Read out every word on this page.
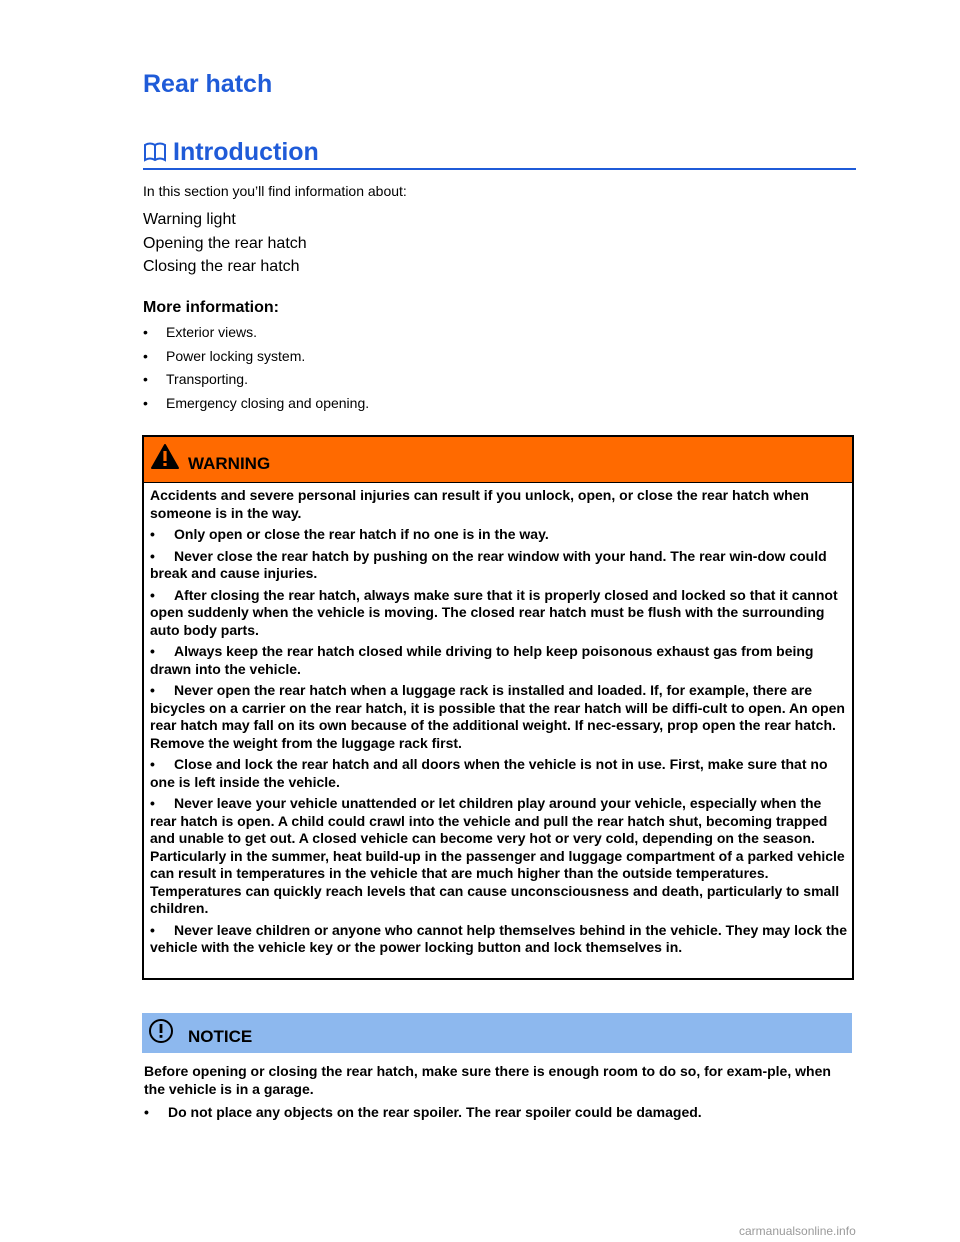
Rear hatch
Introduction
In this section you’ll find information about:
Warning light
Opening the rear hatch
Closing the rear hatch
More information:
•	Exterior views.
•	Power locking system.
•	Transporting.
•	Emergency closing and opening.
WARNING

Accidents and severe personal injuries can result if you unlock, open, or close the rear hatch when someone is in the way.

• Only open or close the rear hatch if no one is in the way.
• Never close the rear hatch by pushing on the rear window with your hand. The rear win-dow could break and cause injuries.
• After closing the rear hatch, always make sure that it is properly closed and locked so that it cannot open suddenly when the vehicle is moving. The closed rear hatch must be flush with the surrounding auto body parts.
• Always keep the rear hatch closed while driving to help keep poisonous exhaust gas from being drawn into the vehicle.
• Never open the rear hatch when a luggage rack is installed and loaded. If, for example, there are bicycles on a carrier on the rear hatch, it is possible that the rear hatch will be diffi-cult to open. An open rear hatch may fall on its own because of the additional weight. If nec-essary, prop open the rear hatch. Remove the weight from the luggage rack first.
• Close and lock the rear hatch and all doors when the vehicle is not in use. First, make sure that no one is left inside the vehicle.
• Never leave your vehicle unattended or let children play around your vehicle, especially when the rear hatch is open. A child could crawl into the vehicle and pull the rear hatch shut, becoming trapped and unable to get out. A closed vehicle can become very hot or very cold, depending on the season. Particularly in the summer, heat build-up in the passenger and luggage compartment of a parked vehicle can result in temperatures in the vehicle that are much higher than the outside temperatures. Temperatures can quickly reach levels that can cause unconsciousness and death, particularly to small children.
• Never leave children or anyone who cannot help themselves behind in the vehicle. They may lock the vehicle with the vehicle key or the power locking button and lock themselves in.
NOTICE

Before opening or closing the rear hatch, make sure there is enough room to do so, for exam-ple, when the vehicle is in a garage.

•	Do not place any objects on the rear spoiler. The rear spoiler could be damaged.
carmanualsonline.info
